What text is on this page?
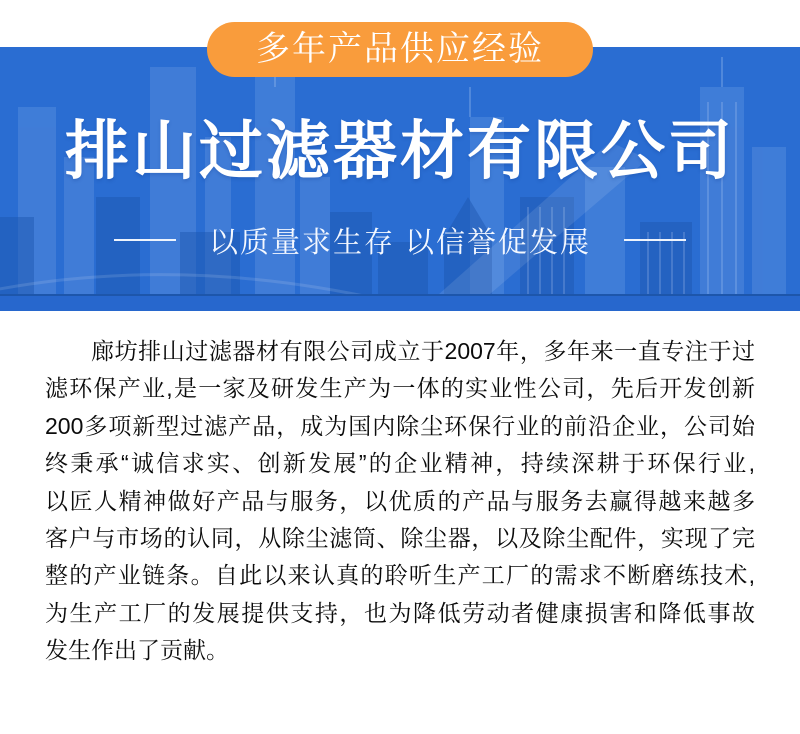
多年产品供应经验
排山过滤器材有限公司
以质量求生存 以信誉促发展
廊坊排山过滤器材有限公司成立于2007年，多年来一直专注于过
滤环保产业,是一家及研发生产为一体的实业性公司，先后开发创新
200多项新型过滤产品，成为国内除尘环保行业的前沿企业，公司始
终秉承“诚信求实、创新发展”的企业精神，持续深耕于环保行业,
以匠人精神做好产品与服务，以优质的产品与服务去赢得越来越多
客户与市场的认同，从除尘滤筒、除尘器，以及除尘配件，实现了完
整的产业链条。自此以来认真的聆听生产工厂的需求不断磨练技术,
为生产工厂的发展提供支持，也为降低劳动者健康损害和降低事故
发生作出了贡献。
